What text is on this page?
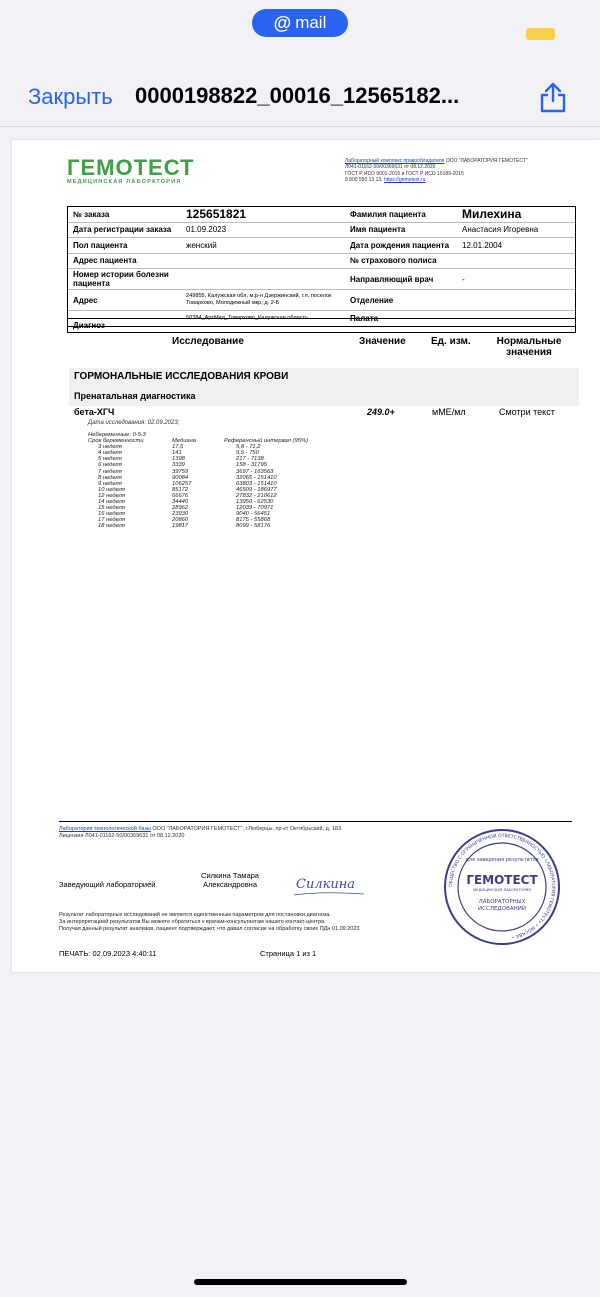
@ mail
Закрыть 0000198822_00016_12565182...
ГЕМОТЕСТ
МЕДИЦИНСКАЯ ЛАБОРАТОРИЯ
Лабораторный комплекс правообладателя ООО "ЛАБОРАТОРИЯ ГЕМОТЕСТ"
Л041-01162-50/00369631 от 08.12.2020
ГОСТ Р ИСО 9001-2015 и ГОСТ Р ИСО 15189-2015
8 800 550 13 13, https://gemotest.ru
№ заказа	125651821	Фамилия пациента	Милехина
Дата регистрации заказа	01.09.2023	Имя пациента	Анастасия Игоревна
Пол пациента	женский	Дата рождения пациента	12.01.2004
Адрес пациента	№ страхового полиса
Номер истории болезни пациента	Направляющий врач	-
Адрес	249855, Калужская обл, м.р-н Дзержинский, г.п. поселок Товарково, Молодежный мкр, д. 2-Б	Отделение
50384_АртМед_Товарково_Калужская область	Палата
Диагноз
Исследование	Значение	Ед. изм.	Нормальные значения
ГОРМОНАЛЬНЫЕ ИССЛЕДОВАНИЯ КРОВИ
Пренатальная диагностика
бета-ХГЧ	249.0+	мМЕ/мл	Смотри текст
Дата исследования: 02.09.2023;
Небеременные: 0-5.3
Срок беременности	Медиана	Референсный интервал (95%)
3 неделя	17,5	5,8 - 71,2
4 неделя	141	9,5 - 750
5 неделя	1398	217 - 7138
6 неделя	3339	158 - 31795
7 неделя	39759	3697 - 163563
8 неделя	90084	32065 - 151410
9 неделя	106257	63803 - 151410
10 неделя	85172	46509 - 186977
12 неделя	66676	27832 - 210612
14 неделя	34440	13950 - 62530
15 неделя	28962	12039 - 70971
16 неделя	23930	9040 - 56451
17 неделя	20860	8175 - 55868
18 неделя	19817	8099 - 58176
Лаборатория технологической базы ООО "ЛАБОРАТОРИЯ ГЕМОТЕСТ", г.Люберцы, пр-кт Октябрьский, д. 183.
Лицензия Л041-01162-50/00369631 от 08.12.2020
Заведующий лабораторией
Силкина Тамара Александровна	Силкина	ОБЩЕСТВО С ОГРАНИЧЕННОЙ ОТВЕТСТВЕННОСТЬЮ «ЛАБОРАТОРИЯ ГЕМОТЕСТ» • МОСКВА •
для заверения результатов
ГЕМОТЕСТ
МЕДИЦИНСКАЯ ЛАБОРАТОРИЯ
ЛАБОРАТОРНЫХ
ИССЛЕДОВАНИЙ
Результат лабораторных исследований не является единственным параметром для постановки диагноза.
За интерпретацией результатов Вы можете обратиться к врачам-консультантам нашего контакт-центра.
Получая данный результат анализов, пациент подтверждает, что давал согласие на обработку своих ПДн 01.09.2023
ПЕЧАТЬ: 02.09.2023 4:40:11	Страница 1 из 1
